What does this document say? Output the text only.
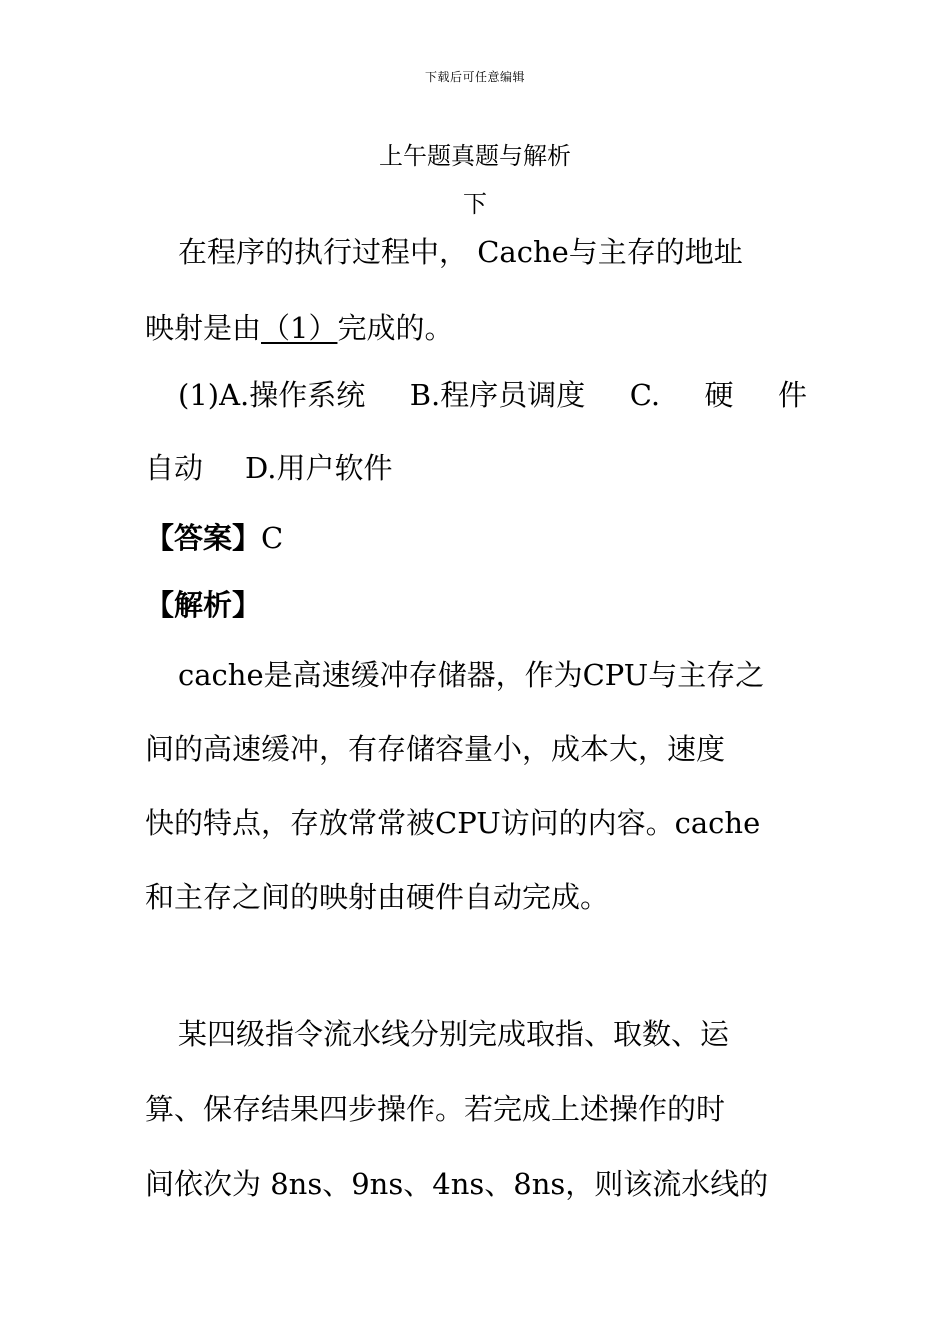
下载后可任意编辑
上午题真题与解析
下
在程序的执行过程中， Cache与主存的地址
映射是由（1）完成的。
(1)A.操作系统 B.程序员调度 C. 硬 件
自动 D.用户软件
【答案】C
【解析】
cache是高速缓冲存储器，作为CPU与主存之
间的高速缓冲，有存储容量小，成本大，速度
快的特点，存放常常被CPU访问的内容。cache
和主存之间的映射由硬件自动完成。
某四级指令流水线分别完成取指、取数、运
算、保存结果四步操作。若完成上述操作的时
间依次为 8ns、9ns、4ns、8ns，则该流水线的
